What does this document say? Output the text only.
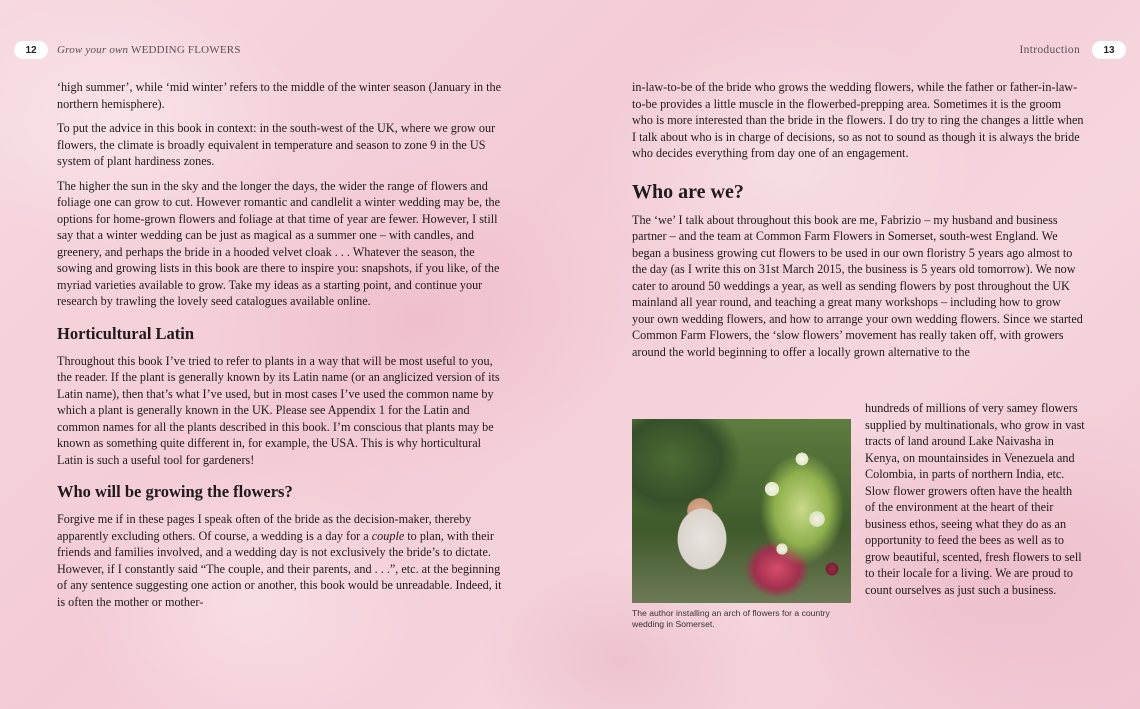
12	Grow your own WEDDING FLOWERS	Introduction	13

‘high summer’, while ‘mid winter’ refers to the middle of the winter season (January in the northern hemisphere).

To put the advice in this book in context: in the south-west of the UK, where we grow our flowers, the climate is broadly equivalent in temperature and season to zone 9 in the US system of plant hardiness zones.

The higher the sun in the sky and the longer the days, the wider the range of flowers and foliage one can grow to cut. However romantic and candlelit a winter wedding may be, the options for home-grown flowers and foliage at that time of year are fewer. However, I still say that a winter wedding can be just as magical as a summer one – with candles, and greenery, and perhaps the bride in a hooded velvet cloak . . . Whatever the season, the sowing and growing lists in this book are there to inspire you: snapshots, if you like, of the myriad varieties available to grow. Take my ideas as a starting point, and continue your research by trawling the lovely seed catalogues available online.

Horticultural Latin

Throughout this book I’ve tried to refer to plants in a way that will be most useful to you, the reader. If the plant is generally known by its Latin name (or an anglicized version of its Latin name), then that’s what I’ve used, but in most cases I’ve used the common name by which a plant is generally known in the UK. Please see Appendix 1 for the Latin and common names for all the plants described in this book. I’m conscious that plants may be known as something quite different in, for example, the USA. This is why horticultural Latin is such a useful tool for gardeners!

Who will be growing the flowers?

Forgive me if in these pages I speak often of the bride as the decision-maker, thereby apparently excluding others. Of course, a wedding is a day for a couple to plan, with their friends and families involved, and a wedding day is not exclusively the bride’s to dictate. However, if I constantly said “The couple, and their parents, and . . .”, etc. at the beginning of any sentence suggesting one action or another, this book would be unreadable. Indeed, it is often the mother or mother-

in-law-to-be of the bride who grows the wedding flowers, while the father or father-in-law-to-be provides a little muscle in the flowerbed-prepping area. Sometimes it is the groom who is more interested than the bride in the flowers. I do try to ring the changes a little when I talk about who is in charge of decisions, so as not to sound as though it is always the bride who decides everything from day one of an engagement.

Who are we?

The ‘we’ I talk about throughout this book are me, Fabrizio – my husband and business partner – and the team at Common Farm Flowers in Somerset, south-west England. We began a business growing cut flowers to be used in our own floristry 5 years ago almost to the day (as I write this on 31st March 2015, the business is 5 years old tomorrow). We now cater to around 50 weddings a year, as well as sending flowers by post throughout the UK mainland all year round, and teaching a great many workshops – including how to grow your own wedding flowers, and how to arrange your own wedding flowers. Since we started Common Farm Flowers, the ‘slow flowers’ movement has really taken off, with growers around the world beginning to offer a locally grown alternative to the

The author installing an arch of flowers for a country wedding in Somerset.

hundreds of millions of very samey flowers supplied by multinationals, who grow in vast tracts of land around Lake Naivasha in Kenya, on mountainsides in Venezuela and Colombia, in parts of northern India, etc. Slow flower growers often have the health of the environment at the heart of their business ethos, seeing what they do as an opportunity to feed the bees as well as to grow beautiful, scented, fresh flowers to sell to their locale for a living. We are proud to count ourselves as just such a business.
